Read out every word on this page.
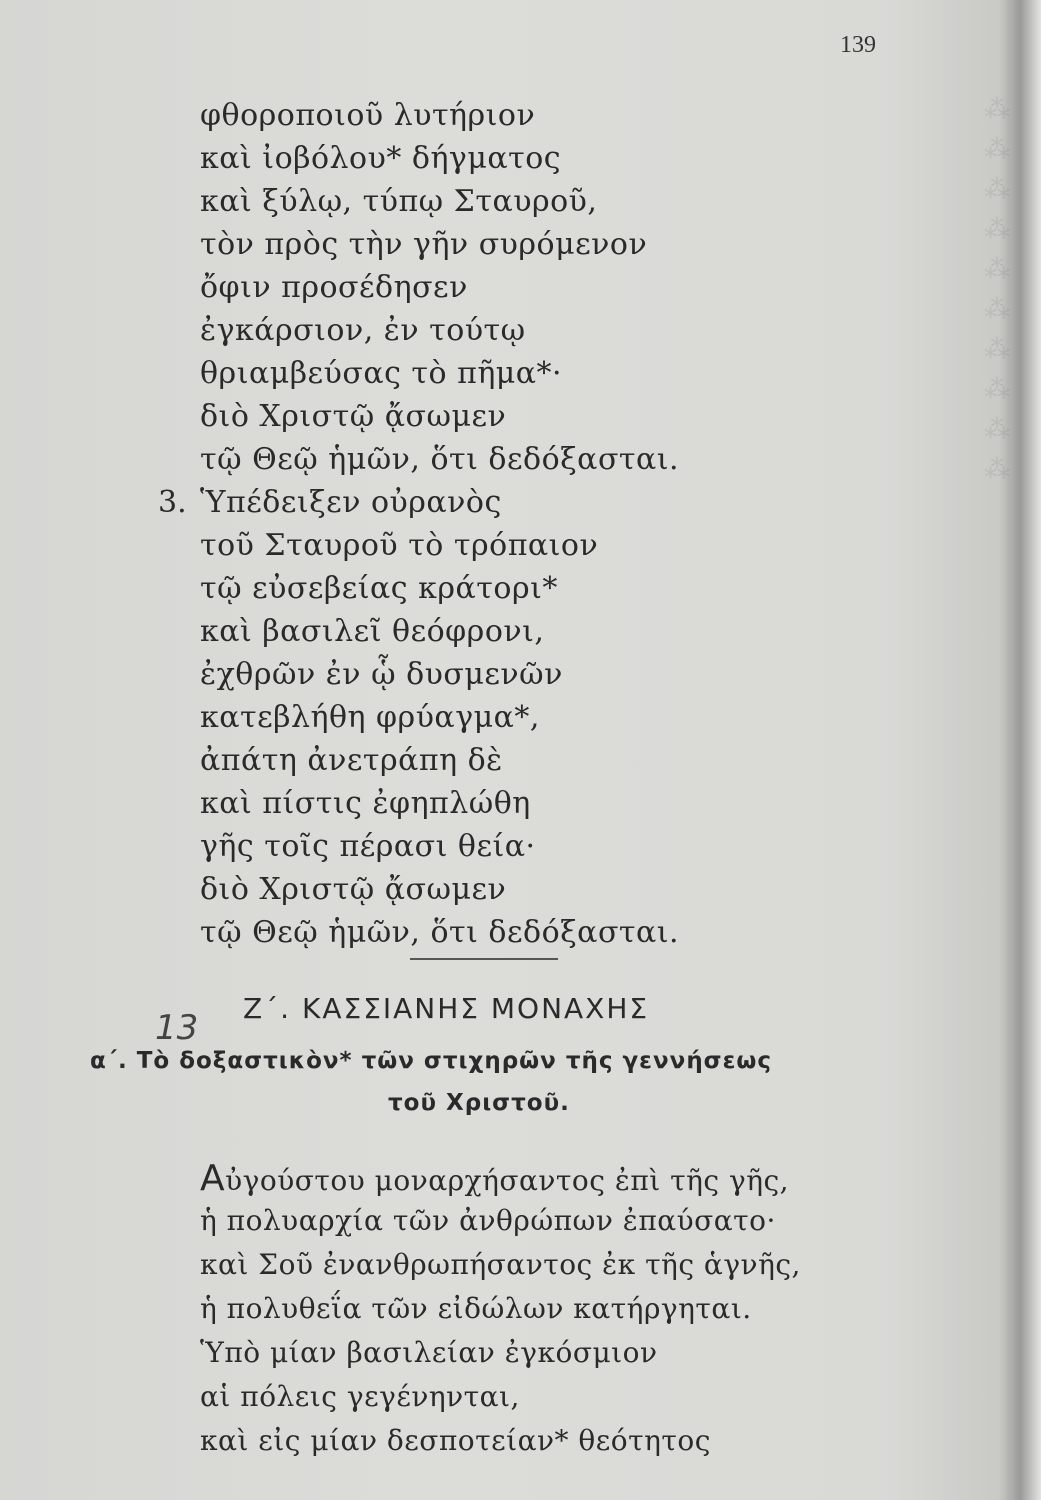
⁂
⁂
⁂
⁂
⁂
⁂
⁂
⁂
⁂
⁂
139
φθοροποιοῦ λυτήριον
καὶ ἰοβόλου* δήγματος
καὶ ξύλῳ, τύπῳ Σταυροῦ,
τὸν πρὸς τὴν γῆν συρόμενον
ὄφιν προσέδησεν
ἐγκάρσιον, ἐν τούτῳ
θριαμβεύσας τὸ πῆμα*·
διὸ Χριστῷ ᾄσωμεν
τῷ Θεῷ ἡμῶν, ὅτι δεδόξασται.
3. Ὑπέδειξεν οὐρανὸς
τοῦ Σταυροῦ τὸ τρόπαιον
τῷ εὐσεβείας κράτορι*
καὶ βασιλεῖ θεόφρονι,
ἐχθρῶν ἐν ᾧ δυσμενῶν
κατεβλήθη φρύαγμα*,
ἀπάτη ἀνετράπη δὲ
καὶ πίστις ἐφηπλώθη
γῆς τοῖς πέρασι θεία·
διὸ Χριστῷ ᾄσωμεν
τῷ Θεῷ ἡμῶν, ὅτι δεδόξασται.
13 Ζ΄. ΚΑΣΣΙΑΝΗΣ ΜΟΝΑΧΗΣ
α΄. Τὸ δοξαστικὸν* τῶν στιχηρῶν τῆς γεννήσεως
τοῦ Χριστοῦ.
Αὐγούστου μοναρχήσαντος ἐπὶ τῆς γῆς,
ἡ πολυαρχία τῶν ἀνθρώπων ἐπαύσατο·
καὶ Σοῦ ἐνανθρωπήσαντος ἐκ τῆς ἁγνῆς,
ἡ πολυθεΐα τῶν εἰδώλων κατήργηται.
Ὑπὸ μίαν βασιλείαν ἐγκόσμιον
αἱ πόλεις γεγένηνται,
καὶ εἰς μίαν δεσποτείαν* θεότητος
